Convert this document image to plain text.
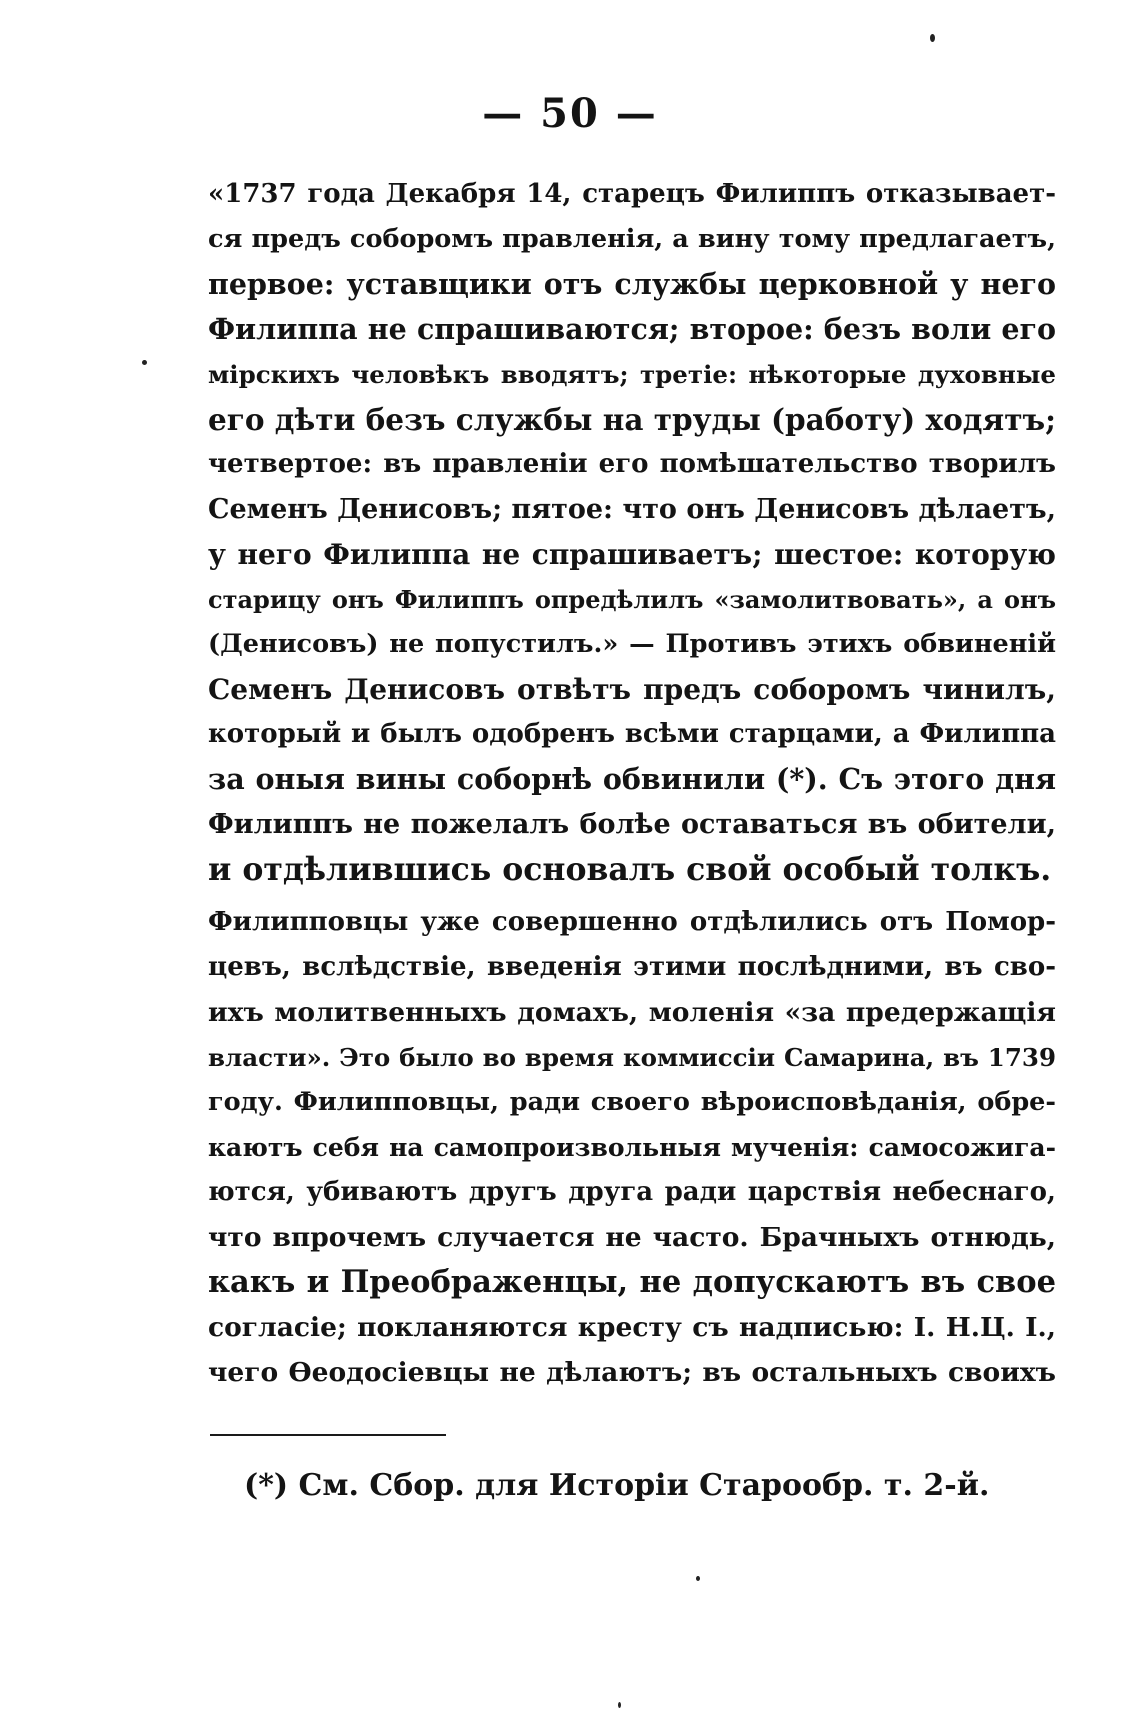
— 50 —
«1737 года Декабря 14, старецъ Филиппъ отказывает-
ся предъ соборомъ правленія, а вину тому предлагаетъ,
первое: уставщики отъ службы церковной у него
Филиппа не спрашиваются; второе: безъ воли его
мірскихъ человѣкъ вводятъ; третіе: нѣкоторые духовные
его дѣти безъ службы на труды (работу) ходятъ;
четвертое: въ правленіи его помѣшательство творилъ
Семенъ Денисовъ; пятое: что онъ Денисовъ дѣлаетъ,
у него Филиппа не спрашиваетъ; шестое: которую
старицу онъ Филиппъ опредѣлилъ «замолитвовать», а онъ
(Денисовъ) не попустилъ.» — Противъ этихъ обвиненій
Семенъ Денисовъ отвѣтъ предъ соборомъ чинилъ,
который и былъ одобренъ всѣми старцами, а Филиппа
за оныя вины соборнѣ обвинили (*). Съ этого дня
Филиппъ не пожелалъ болѣе оставаться въ обители,
и отдѣлившись основалъ свой особый толкъ.
Филипповцы уже совершенно отдѣлились отъ Помор-
цевъ, вслѣдствіе, введенія этими послѣдними, въ сво-
ихъ молитвенныхъ домахъ, моленія «за предержащія
власти». Это было во время коммиссіи Самарина, въ 1739
году. Филипповцы, ради своего вѣроисповѣданія, обре-
каютъ себя на самопроизвольныя мученія: самосожига-
ются, убиваютъ другъ друга ради царствія небеснаго,
что впрочемъ случается не часто. Брачныхъ отнюдь,
какъ и Преображенцы, не допускаютъ въ свое
согласіе; покланяются кресту съ надписью: І. Н.Ц. І.,
чего Ѳеодосіевцы не дѣлаютъ; въ остальныхъ своихъ
(*) См. Сбор. для Исторіи Старообр. т. 2-й.
